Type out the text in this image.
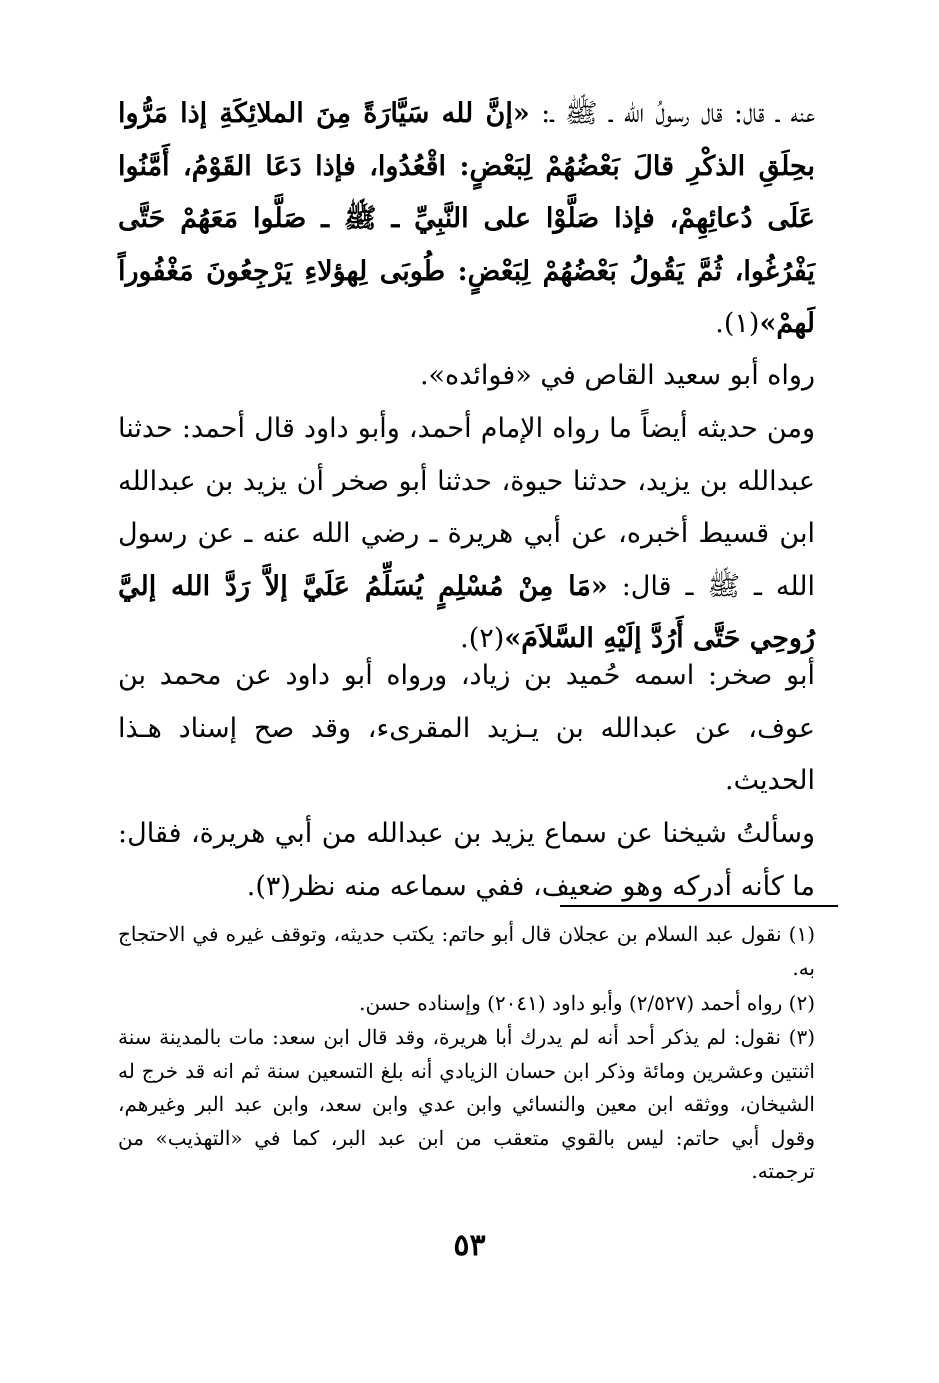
عنه ـ قال: قال رسولُ الله ـ ﷺ ـ: «إنَّ لله سَيَّارَةً مِنَ الملائِكَةِ إذا مَرُّوا بحِلَقِ الذكْرِ قالَ بَعْضُهُمْ لِبَعْضٍ: اقْعُدُوا، فإذا دَعَا القَوْمُ، أَمَّنُوا عَلَى دُعائِهِمْ، فإذا صَلَّوْا على النَّبِيِّ ـ ﷺ ـ صَلَّوا مَعَهُمْ حَتَّى يَفْرُغُوا، ثُمَّ يَقُولُ بَعْضُهُمْ لِبَعْضٍ: طُوبَى لِهؤلاءِ يَرْجِعُونَ مَغْفُوراً لَهمْ»(١).

رواه أبو سعيد القاص في «فوائده».

ومن حديثه أيضاً ما رواه الإمام أحمد، وأبو داود قال أحمد: حدثنا عبدالله بن يزيد، حدثنا حيوة، حدثنا أبو صخر أن يزيد بن عبدالله ابن قسيط أخبره، عن أبي هريرة ـ رضي الله عنه ـ عن رسول الله ـ ﷺ ـ قال: «مَا مِنْ مُسْلِمٍ يُسَلِّمُ عَلَيَّ إلاَّ رَدَّ الله إليَّ رُوحِي حَتَّى أَرُدَّ إلَيْهِ السَّلاَمَ»(٢).

أبو صخر: اسمه حُميد بن زياد، ورواه أبو داود عن محمد بن عوف، عن عبدالله بن يـزيد المقرىء، وقد صح إسناد هـذا الحديث.

وسألتُ شيخنا عن سماع يزيد بن عبدالله من أبي هريرة، فقال: ما كأنه أدركه وهو ضعيف، ففي سماعه منه نظر(٣).

(١) نقول عبد السلام بن عجلان قال أبو حاتم: يكتب حديثه، وتوقف غيره في الاحتجاج به.

(٢) رواه أحمد (٢/٥٢٧) وأبو داود (٢٠٤١) وإسناده حسن.

(٣) نقول: لم يذكر أحد أنه لم يدرك أبا هريرة، وقد قال ابن سعد: مات بالمدينة سنة اثنتين وعشرين ومائة وذكر ابن حسان الزيادي أنه بلغ التسعين سنة ثم انه قد خرج له الشيخان، ووثقه ابن معين والنسائي وابن عدي وابن سعد، وابن عبد البر وغيرهم، وقول أبي حاتم: ليس بالقوي متعقب من ابن عبد البر، كما في «التهذيب» من ترجمته.

٥٣
